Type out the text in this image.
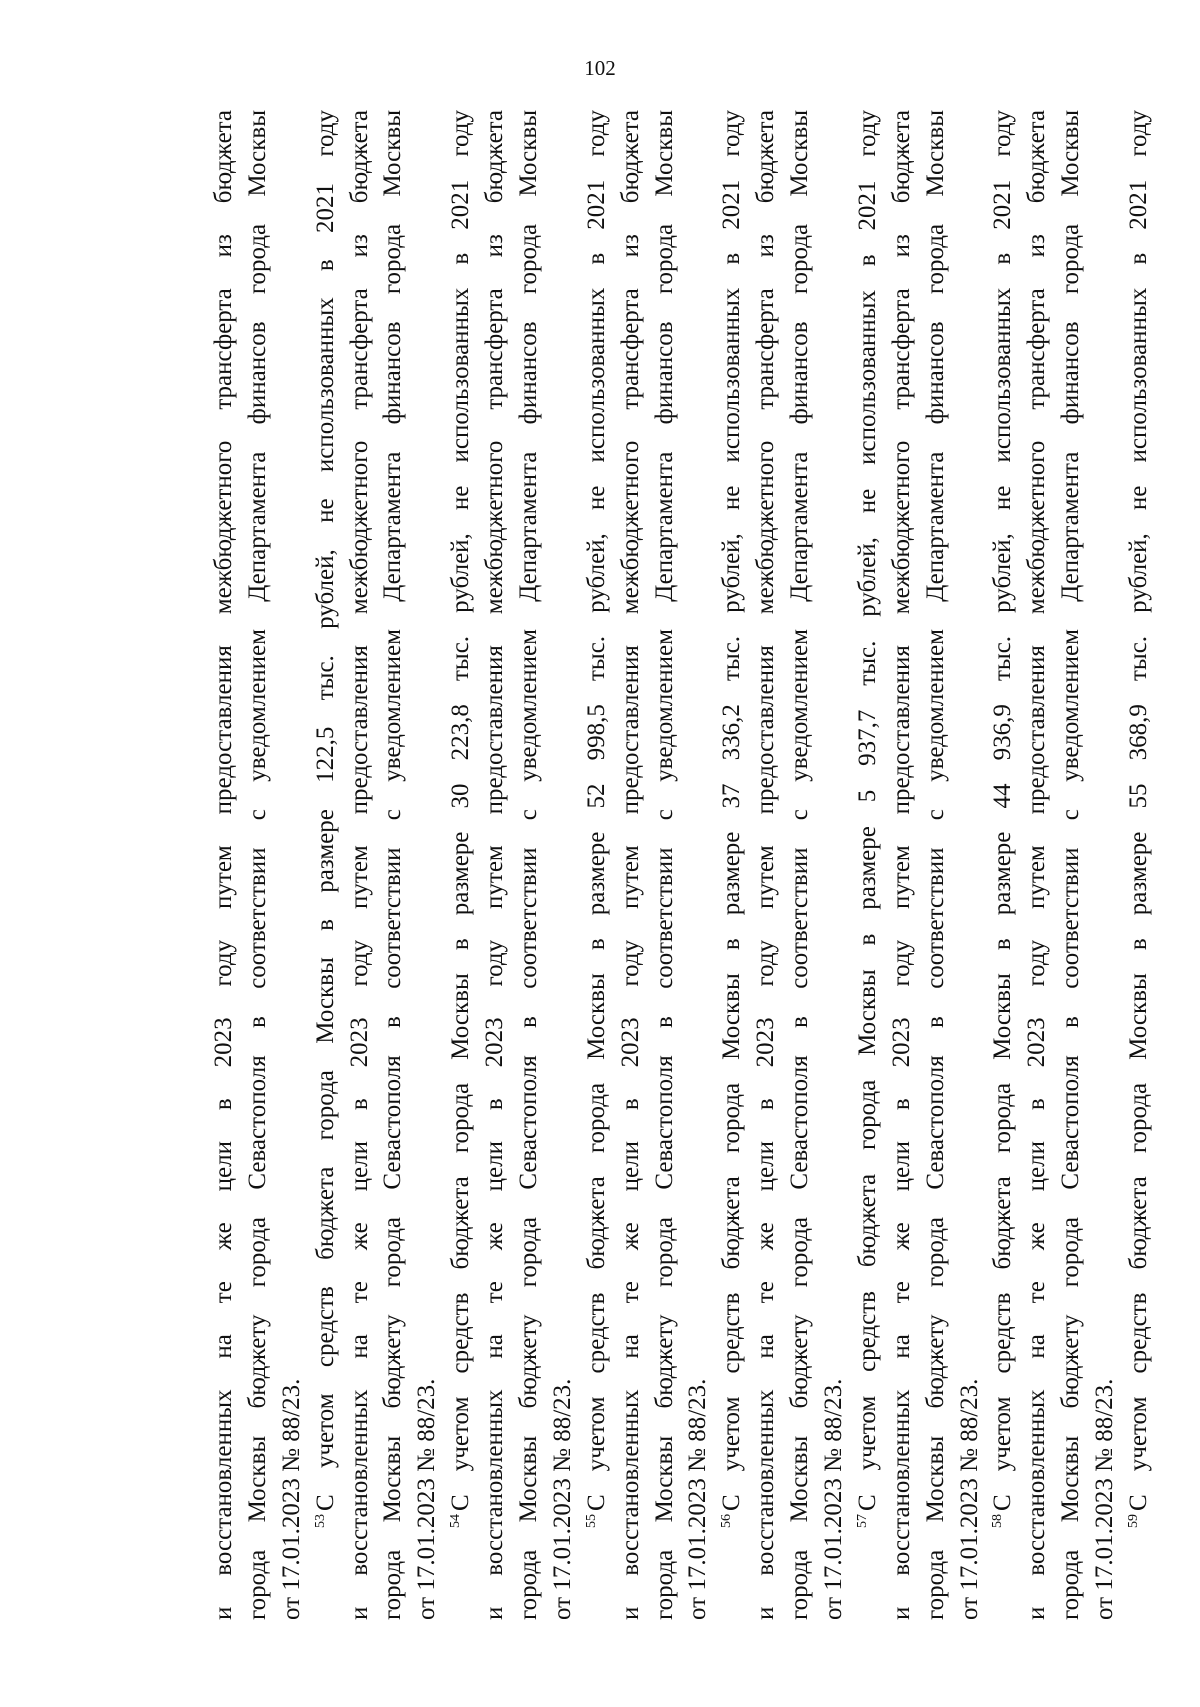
102
и восстановленных на те же цели в 2023 году путем предоставления межбюджетного трансферта из бюджета города Москвы бюджету города Севастополя в соответствии с уведомлением Департамента финансов города Москвы от 17.01.2023 № 88/23. $^{53}$С учетом средств бюджета города Москвы в размере 122,5 тыс. рублей, не использованных в 2021 году и восстановленных на те же цели в 2023 году путем предоставления межбюджетного трансферта из бюджета города Москвы бюджету города Севастополя в соответствии с уведомлением Департамента финансов города Москвы от 17.01.2023 № 88/23. $^{54}$С учетом средств бюджета города Москвы в размере 30 223,8 тыс. рублей, не использованных в 2021 году и восстановленных на те же цели в 2023 году путем предоставления межбюджетного трансферта из бюджета города Москвы бюджету города Севастополя в соответствии с уведомлением Департамента финансов города Москвы от 17.01.2023 № 88/23. $^{55}$С учетом средств бюджета города Москвы в размере 52 998,5 тыс. рублей, не использованных в 2021 году и восстановленных на те же цели в 2023 году путем предоставления межбюджетного трансферта из бюджета города Москвы бюджету города Севастополя в соответствии с уведомлением Департамента финансов города Москвы от 17.01.2023 № 88/23. $^{56}$С учетом средств бюджета города Москвы в размере 37 336,2 тыс. рублей, не использованных в 2021 году и восстановленных на те же цели в 2023 году путем предоставления межбюджетного трансферта из бюджета города Москвы бюджету города Севастополя в соответствии с уведомлением Департамента финансов города Москвы от 17.01.2023 № 88/23. $^{57}$С учетом средств бюджета города Москвы в размере 5 937,7 тыс. рублей, не использованных в 2021 году и восстановленных на те же цели в 2023 году путем предоставления межбюджетного трансферта из бюджета города Москвы бюджету города Севастополя в соответствии с уведомлением Департамента финансов города Москвы от 17.01.2023 № 88/23. $^{58}$С учетом средств бюджета города Москвы в размере 44 936,9 тыс. рублей, не использованных в 2021 году и восстановленных на те же цели в 2023 году путем предоставления межбюджетного трансферта из бюджета города Москвы бюджету города Севастополя в соответствии с уведомлением Департамента финансов города Москвы от 17.01.2023 № 88/23. $^{59}$С учетом средств бюджета города Москвы в размере 55 368,9 тыс. рублей, не использованных в 2021 году
